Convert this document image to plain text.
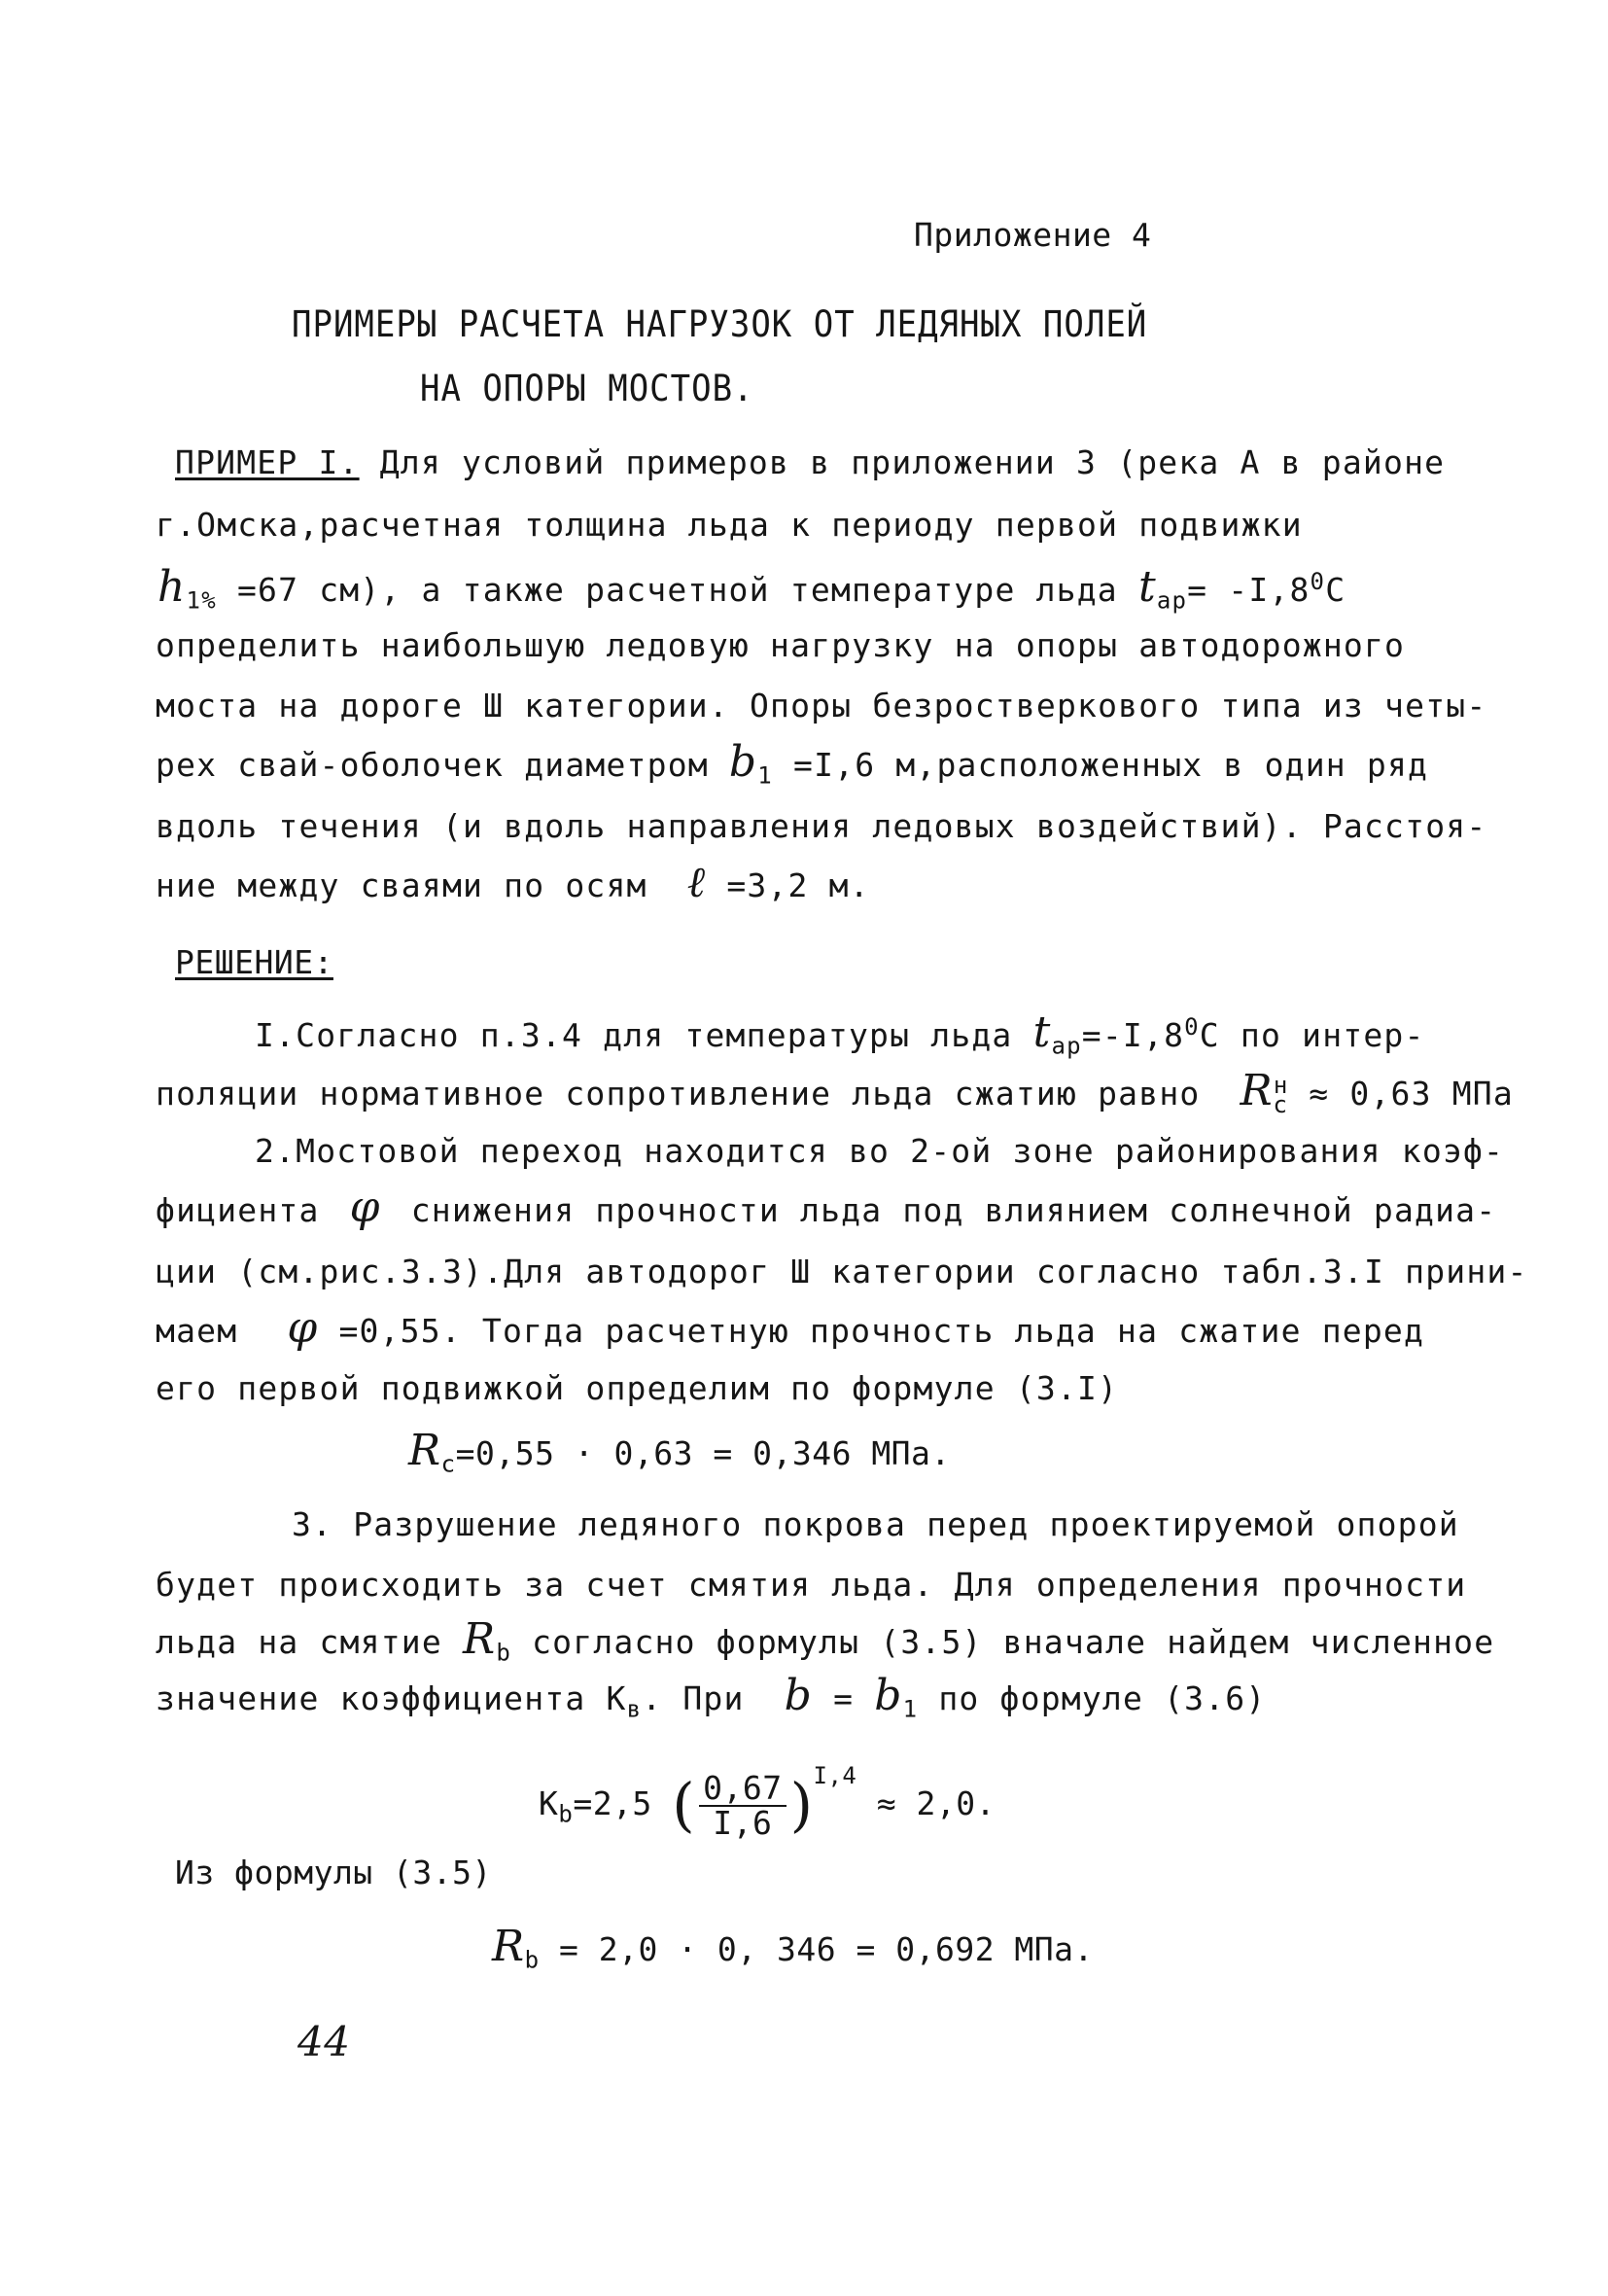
Приложение 4
ПРИМЕРЫ РАСЧЕТА НАГРУЗОК ОТ ЛЕДЯНЫХ ПОЛЕЙ
НА ОПОРЫ МОСТОВ.
ПРИМЕР I. Для условий примеров в приложении 3 (река А в районе
г.Омска,расчетная толщина льда к периоду первой подвижки
$h_{1\%} =67$ см), а также расчетной температуре льда $t_{ар}= -I,8^0С$
определить наибольшую ледовую нагрузку на опоры автодорожного
моста на дороге Ш категории. Опоры безростверкового типа из четы-
рех свай-оболочек диаметром $b_1 =I,6$ м,расположенных в один ряд
вдоль течения (и вдоль направления ледовых воздействий). Расстоя-
ние между сваями по осям ℓ =3,2 м.
РЕШЕНИЕ:
I.Согласно п.3.4 для температуры льда $t_{ар}=-I,8^0С$ по интер-
поляции нормативное сопротивление льда сжатию равно $R^н_с \approx 0,63$ МПа
2.Мостовой переход находится во 2-ой зоне районирования коэф-
фициента φ снижения прочности льда под влиянием солнечной радиа-
ции (см.рис.3.3).Для автодорог Ш категории согласно табл.3.I прини-
маем φ =0,55. Тогда расчетную прочность льда на сжатие перед
его первой подвижкой определим по формуле (3.I)
$R_с=0,55 \cdot 0,63 = 0,346$ МПа.
3. Разрушение ледяного покрова перед проектируемой опорой
будет происходить за счет смятия льда. Для определения прочности
льда на смятие $R_b$ согласно формулы (3.5) вначале найдем численное
значение коэффициента $К_в$. При $b = b_1$ по формуле (3.6)
$К_b=2,5$ ( $\frac{0,67}{I,6} )^{I,4} \approx 2,0$.
Из формулы (3.5)
$R_b = 2,0 \cdot 0$, 346 = 0,692 МПа.
44
